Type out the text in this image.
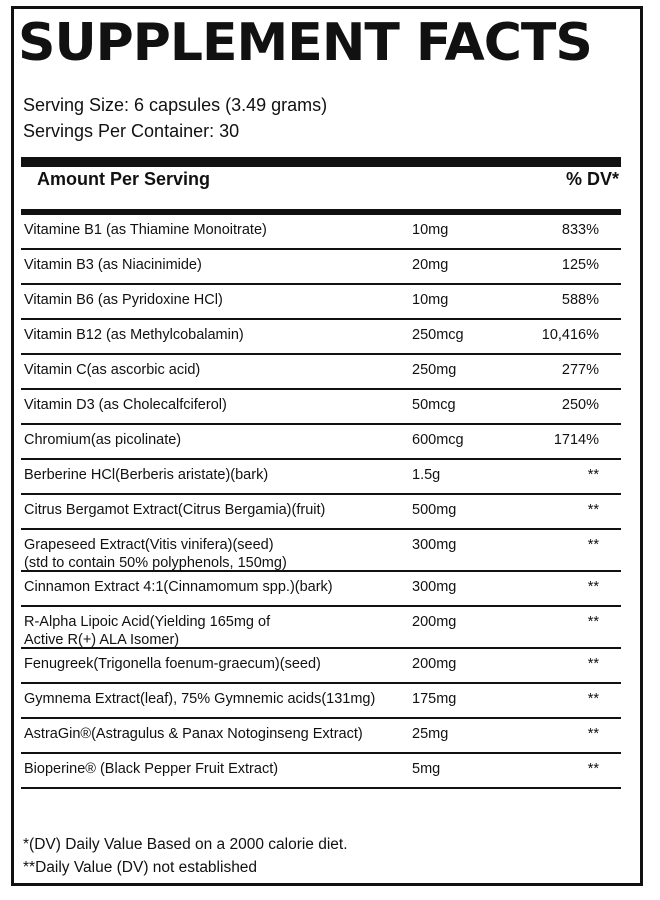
SUPPLEMENT FACTS
Serving Size: 6 capsules (3.49 grams)
Servings Per Container: 30
Amount Per Serving	% DV*
Vitamine B1 (as Thiamine Monoitrate)	10mg	833%
Vitamin B3 (as Niacinimide)	20mg	125%
Vitamin B6 (as Pyridoxine HCl)	10mg	588%
Vitamin B12 (as Methylcobalamin)	250mcg	10,416%
Vitamin C(as ascorbic acid)	250mg	277%
Vitamin D3 (as Cholecalfciferol)	50mcg	250%
Chromium(as picolinate)	600mcg	1714%
Berberine HCl(Berberis aristate)(bark)	1.5g	**
Citrus Bergamot Extract(Citrus Bergamia)(fruit)	500mg	**
Grapeseed Extract(Vitis vinifera)(seed)
(std to contain 50% polyphenols, 150mg)
300mg	**
Cinnamon Extract 4:1(Cinnamomum spp.)(bark)	300mg	**
R-Alpha Lipoic Acid(Yielding 165mg of
Active R(+) ALA Isomer)
200mg	**
Fenugreek(Trigonella foenum-graecum)(seed)	200mg	**
Gymnema Extract(leaf), 75% Gymnemic acids(131mg)	175mg	**
AstraGin®(Astragulus & Panax Notoginseng Extract)	25mg	**
Bioperine® (Black Pepper Fruit Extract)	5mg	**
*(DV) Daily Value Based on a 2000 calorie diet.
**Daily Value (DV) not established
